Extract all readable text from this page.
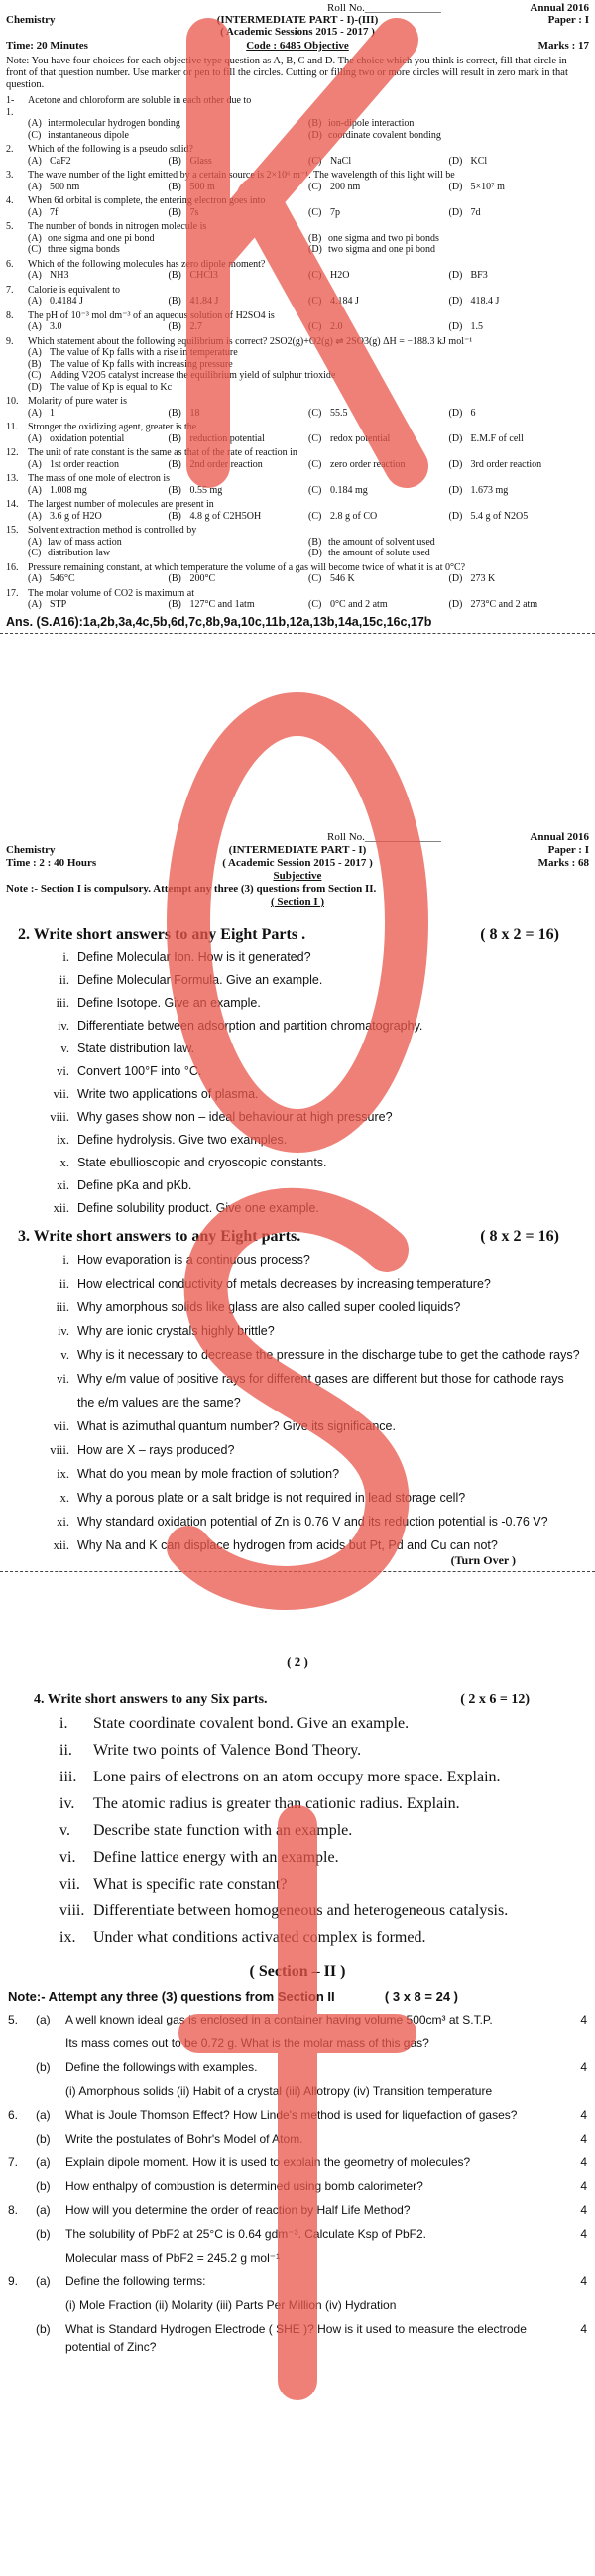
Roll No.______________	Annual 2016
Chemistry	(INTERMEDIATE PART - I)-(III)	Paper : I
( Academic Sessions 2015 - 2017 )
Time: 20 Minutes	Code : 6485 Objective	Marks : 17
Note: You have four choices for each objective type question as A, B, C and D. The choice which you think is correct, fill that circle in front of that question number. Use marker or pen to fill the circles. Cutting or filling two or more circles will result in zero mark in that question.
1- 1.
Acetone and chloroform are soluble in each other due to
(A) intermolecular hydrogen bonding	(B) ion-dipole interaction
(C) instantaneous dipole	(D) coordinate covalent bonding
2.	Which of the following is a pseudo solid?
(A) CaF2	(B) Glass	(C) NaCl	(D) KCl
3.	The wave number of the light emitted by a certain source is 2×10⁶ m⁻¹. The wavelength of this light will be
(A) 500 nm	(B) 500 m	(C) 200 nm	(D) 5×10⁷ m
4.	When 6d orbital is complete, the entering electron goes into
(A) 7f	(B) 7s	(C) 7p	(D) 7d
5.	The number of bonds in nitrogen molecule is
(A) one sigma and one pi bond	(B) one sigma and two pi bonds
(C) three sigma bonds	(D) two sigma and one pi bond
6.	Which of the following molecules has zero dipole moment?
(A) NH3	(B) CHCl3	(C) H2O	(D) BF3
7.	Calorie is equivalent to
(A) 0.4184 J	(B) 41.84 J	(C) 4.184 J	(D) 418.4 J
8.	The pH of 10⁻³ mol dm⁻³ of an aqueous solution of H2SO4 is
(A) 3.0	(B) 2.7	(C) 2.0	(D) 1.5
9.	Which statement about the following equilibrium is correct? 2SO2(g)+O2(g) ⇌ 2SO3(g) ΔH = −188.3 kJ mol⁻¹
(A) The value of Kp falls with a rise in temperature
(B) The value of Kp falls with increasing pressure
(C) Adding V2O5 catalyst increase the equilibrium yield of sulphur trioxide
(D) The value of Kp is equal to Kc
10. Molarity of pure water is
(A) 1	(B) 18	(C) 55.5	(D) 6
11. Stronger the oxidizing agent, greater is the
(A) oxidation potential	(B) reduction potential	(C) redox potential	(D) E.M.F of cell
12. The unit of rate constant is the same as that of the rate of reaction in
(A) 1st order reaction	(B) 2nd order reaction	(C) zero order reaction	(D) 3rd order reaction
13. The mass of one mole of electron is
(A) 1.008 mg	(B) 0.55 mg	(C) 0.184 mg	(D) 1.673 mg
14. The largest number of molecules are present in
(A) 3.6 g of H2O	(B) 4.8 g of C2H5OH	(C) 2.8 g of CO	(D) 5.4 g of N2O5
15. Solvent extraction method is controlled by
(A) law of mass action	(B) the amount of solvent used
(C) distribution law	(D) the amount of solute used
16. Pressure remaining constant, at which temperature the volume of a gas will become twice of what it is at 0°C?
(A) 546°C	(B) 200°C	(C) 546 K	(D) 273 K
17. The molar volume of CO2 is maximum at
(A) STP	(B) 127°C and 1atm	(C) 0°C and 2 atm	(D) 273°C and 2 atm
Ans. (S.A16):1a,2b,3a,4c,5b,6d,7c,8b,9a,10c,11b,12a,13b,14a,15c,16c,17b
Roll No.______________	Annual 2016
Chemistry	(INTERMEDIATE PART - I)	Paper : I
Time : 2 : 40 Hours	( Academic Session 2015 - 2017 )	Marks : 68
Subjective
Note :- Section I is compulsory. Attempt any three (3) questions from Section II.
( Section I )
2. Write short answers to any Eight Parts .	( 8 x 2 = 16)
i. Define Molecular Ion. How is it generated?
ii. Define Molecular Formula. Give an example.
iii. Define Isotope. Give an example.
iv. Differentiate between adsorption and partition chromatography.
v. State distribution law.
vi. Convert 100°F into °C.
vii. Write two applications of plasma.
viii. Why gases show non – ideal behaviour at high pressure?
ix. Define hydrolysis. Give two examples.
x. State ebullioscopic and cryoscopic constants.
xi. Define pKa and pKb.
xii. Define solubility product. Give one example.
3. Write short answers to any Eight parts.	( 8 x 2 = 16)
i. How evaporation is a continuous process?
ii. How electrical conductivity of metals decreases by increasing temperature?
iii. Why amorphous solids like glass are also called super cooled liquids?
iv. Why are ionic crystals highly brittle?
v. Why is it necessary to decrease the pressure in the discharge tube to get the cathode rays?
vi. Why e/m value of positive rays for different gases are different but those for cathode rays the e/m values are the same?
vii. What is azimuthal quantum number? Give its significance.
viii. How are X – rays produced?
ix. What do you mean by mole fraction of solution?
x. Why a porous plate or a salt bridge is not required in lead storage cell?
xi. Why standard oxidation potential of Zn is 0.76 V and its reduction potential is -0.76 V?
xii. Why Na and K can displace hydrogen from acids but Pt, Pd and Cu can not?
(Turn Over )
( 2 )
4. Write short answers to any Six parts.	( 2 x 6 = 12)
i.	State coordinate covalent bond. Give an example.
ii.	Write two points of Valence Bond Theory.
iii.	Lone pairs of electrons on an atom occupy more space. Explain.
iv.	The atomic radius is greater than cationic radius. Explain.
v.	Describe state function with an example.
vi.	Define lattice energy with an example.
vii. What is specific rate constant?
viii. Differentiate between homogeneous and heterogeneous catalysis.
ix.	Under what conditions activated complex is formed.
( Section – II )
Note:- Attempt any three (3) questions from Section II	( 3 x 8 = 24 )
5.	(a)	A well known ideal gas is enclosed in a container having volume 500cm³ at S.T.P.	4
Its mass comes out to be 0.72 g. What is the molar mass of this gas?
(b)	Define the followings with examples.	4
(i) Amorphous solids (ii) Habit of a crystal (iii) Allotropy (iv) Transition temperature
6.	(a)	What is Joule Thomson Effect? How Linde's method is used for liquefaction of gases?	4
(b)	Write the postulates of Bohr's Model of Atom.	4
7.	(a)	Explain dipole moment. How it is used to explain the geometry of molecules?	4
(b)	How enthalpy of combustion is determined using bomb calorimeter?	4
8.	(a)	How will you determine the order of reaction by Half Life Method?	4
(b)	The solubility of PbF2 at 25°C is 0.64 gdm⁻³. Calculate Ksp of PbF2.	4
Molecular mass of PbF2 = 245.2 g mol⁻¹
9.	(a)	Define the following terms:	4
(i) Mole Fraction (ii) Molarity (iii) Parts Per Million (iv) Hydration
(b)	What is Standard Hydrogen Electrode ( SHE )? How is it used to measure the electrode potential of Zinc?
4
